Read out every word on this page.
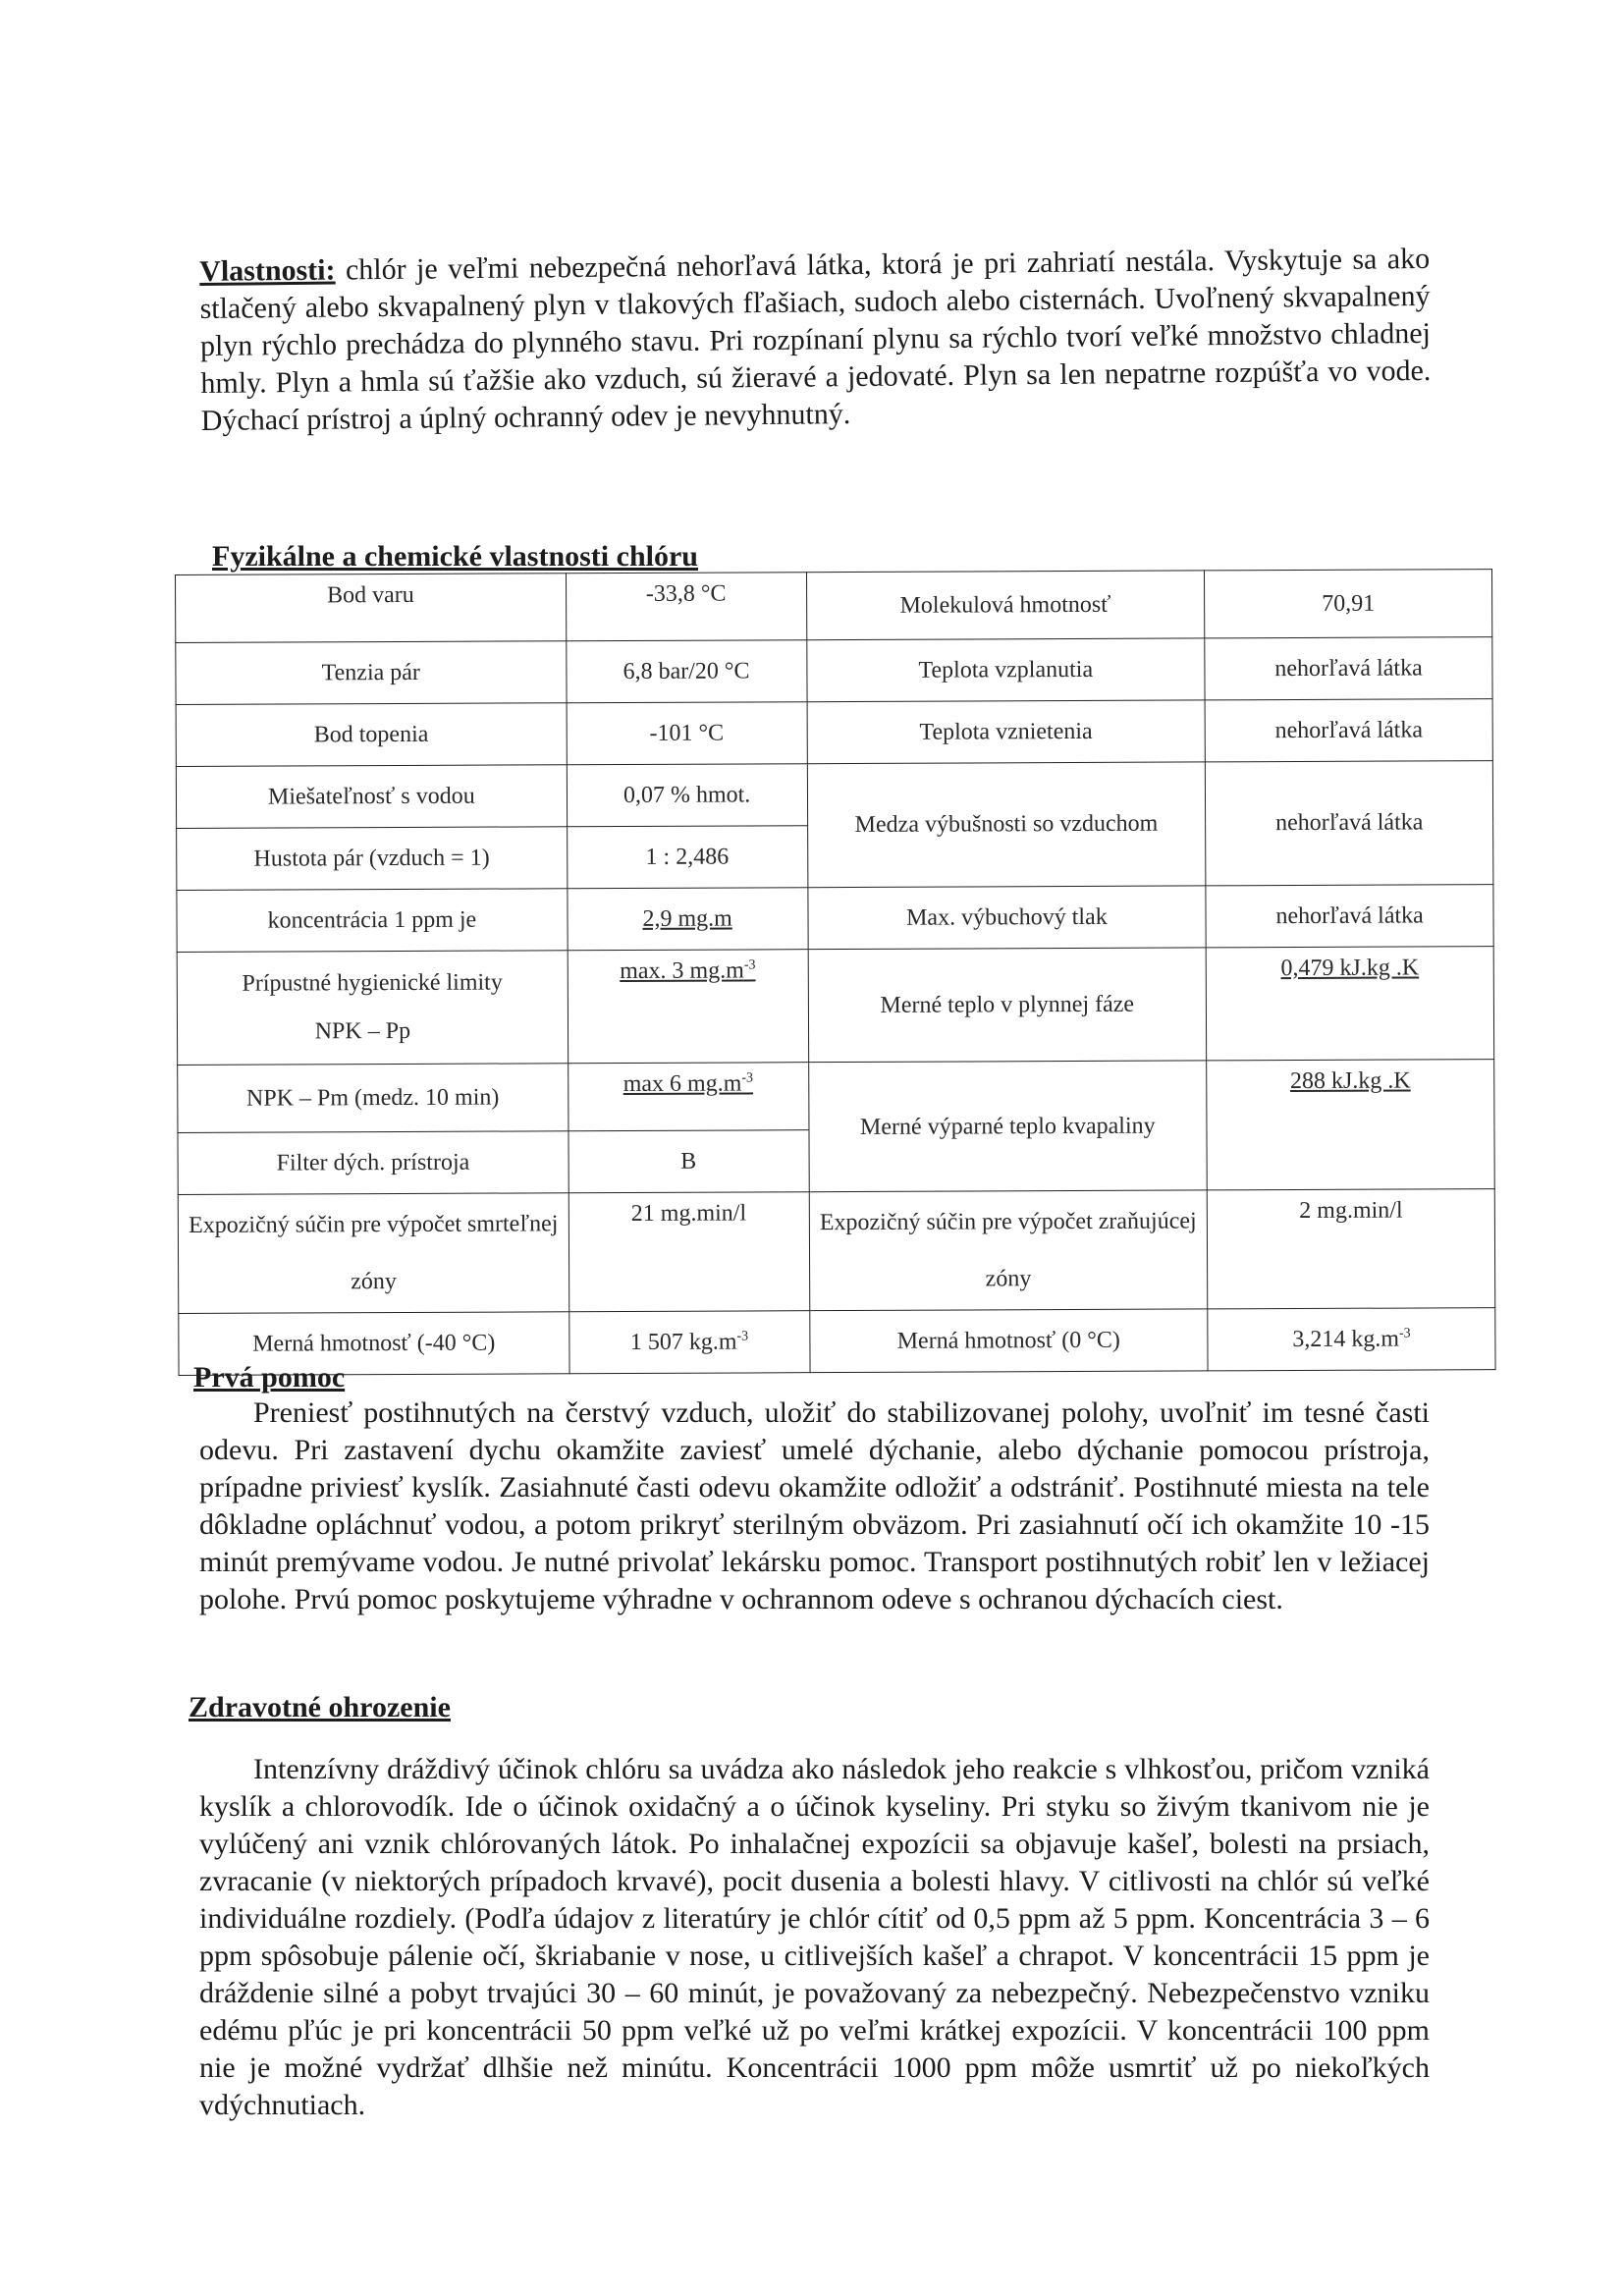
Vlastnosti: chlór je veľmi nebezpečná nehorľavá látka, ktorá je pri zahriatí nestála. Vyskytuje sa ako stlačený alebo skvapalnený plyn v tlakových fľašiach, sudoch alebo cisternách. Uvoľnený skvapalnený plyn rýchlo prechádza do plynného stavu. Pri rozpínaní plynu sa rýchlo tvorí veľké množstvo chladnej hmly. Plyn a hmla sú ťažšie ako vzduch, sú žieravé a jedovaté. Plyn sa len nepatrne rozpúšťa vo vode. Dýchací prístroj a úplný ochranný odev je nevyhnutný.

Fyzikálne a chemické vlastnosti chlóru
Bod varu	-33,8 °C	Molekulová hmotnosť	70,91
Tenzia pár	6,8 bar/20 °C	Teplota vzplanutia	nehorľavá látka
Bod topenia	-101 °C	Teplota vznietenia	nehorľavá látka
Miešateľnosť s vodou	0,07 % hmot.	Medza výbušnosti so vzduchom	nehorľavá látka
Hustota pár (vzduch = 1)	1 : 2,486		
koncentrácia 1 ppm je	2,9 mg.m	Max. výbuchový tlak	nehorľavá látka

Prípustné hygienické limity
NPK – Pp	max. 3 $mg.m^{-3}$	Merné teplo v plynnej fáze	0,479 kJ.kg .K
NPK – Pm (medz. 10 min)	max 6 $mg.m^{-3}$	Merné výparné teplo kvapaliny	288 kJ.kg .K
Filter dých. prístroja	B		
Expozičný súčin pre výpočet smrteľnej zóny	21 mg.min/l	Expozičný súčin pre výpočet zraňujúcej zóny	2 mg.min/l
Merná hmotnosť (-40 °C)	1 507 $kg.m^{-3}$	Merná hmotnosť (0 °C)	3,214 $kg.m^{-3}$
Prvá pomoc

Preniesť postihnutých na čerstvý vzduch, uložiť do stabilizovanej polohy, uvoľniť im tesné časti odevu. Pri zastavení dychu okamžite zaviesť umelé dýchanie, alebo dýchanie pomocou prístroja, prípadne priviesť kyslík. Zasiahnuté časti odevu okamžite odložiť a odstrániť. Postihnuté miesta na tele dôkladne opláchnuť vodou, a potom prikryť sterilným obväzom. Pri zasiahnutí očí ich okamžite 10 -15 minút premývame vodou. Je nutné privolať lekársku pomoc. Transport postihnutých robiť len v ležiacej polohe. Prvú pomoc poskytujeme výhradne v ochrannom odeve s ochranou dýchacích ciest.

Zdravotné ohrozenie

Intenzívny dráždivý účinok chlóru sa uvádza ako následok jeho reakcie s vlhkosťou, pričom vzniká kyslík a chlorovodík. Ide o účinok oxidačný a o účinok kyseliny. Pri styku so živým tkanivom nie je vylúčený ani vznik chlórovaných látok. Po inhalačnej expozícii sa objavuje kašeľ, bolesti na prsiach, zvracanie (v niektorých prípadoch krvavé), pocit dusenia a bolesti hlavy. V citlivosti na chlór sú veľké individuálne rozdiely. (Podľa údajov z literatúry je chlór cítiť od 0,5 ppm až 5 ppm. Koncentrácia 3 – 6 ppm spôsobuje pálenie očí, škriabanie v nose, u citlivejších kašeľ a chrapot. V koncentrácii 15 ppm je dráždenie silné a pobyt trvajúci 30 – 60 minút, je považovaný za nebezpečný. Nebezpečenstvo vzniku edému pľúc je pri koncentrácii 50 ppm veľké už po veľmi krátkej expozícii. V koncentrácii 100 ppm nie je možné vydržať dlhšie než minútu. Koncentrácii 1000 ppm môže usmrtiť už po niekoľkých vdýchnutiach.
